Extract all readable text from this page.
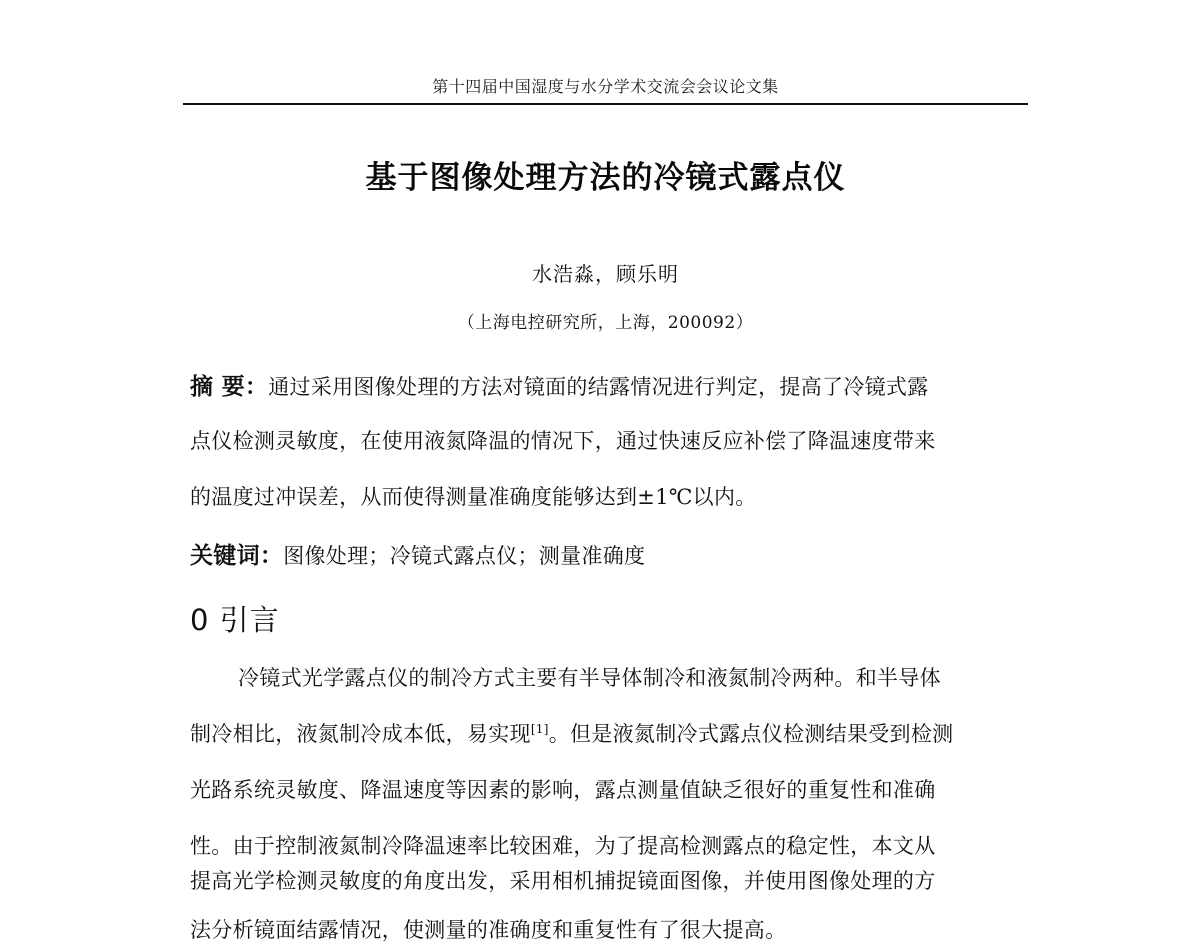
第十四届中国湿度与水分学术交流会会议论文集
基于图像处理方法的冷镜式露点仪
水浩淼，顾乐明
（上海电控研究所，上海，200092）
摘 要：通过采用图像处理的方法对镜面的结露情况进行判定，提高了冷镜式露
点仪检测灵敏度，在使用液氮降温的情况下，通过快速反应补偿了降温速度带来
的温度过冲误差，从而使得测量准确度能够达到±1℃以内。
关键词：图像处理；冷镜式露点仪；测量准确度
0 引言
冷镜式光学露点仪的制冷方式主要有半导体制冷和液氮制冷两种。和半导体
制冷相比，液氮制冷成本低，易实现[1]。但是液氮制冷式露点仪检测结果受到检测
光路系统灵敏度、降温速度等因素的影响，露点测量值缺乏很好的重复性和准确
性。由于控制液氮制冷降温速率比较困难，为了提高检测露点的稳定性，本文从
提高光学检测灵敏度的角度出发，采用相机捕捉镜面图像，并使用图像处理的方
法分析镜面结露情况，使测量的准确度和重复性有了很大提高。
